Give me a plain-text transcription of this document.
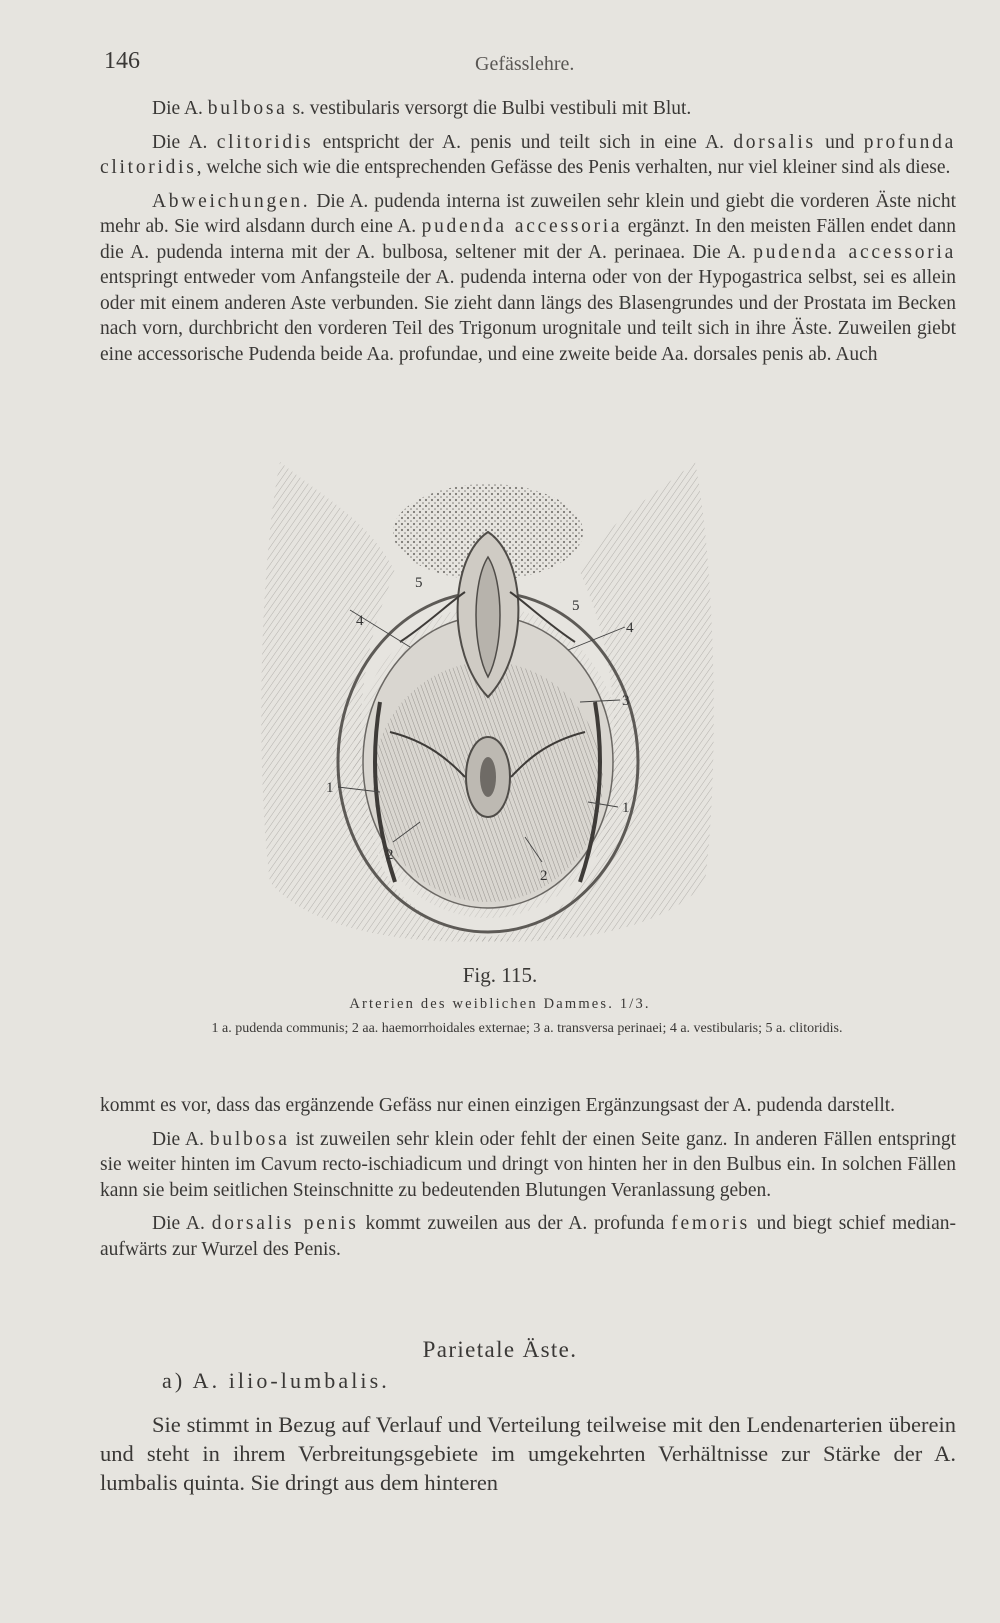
146	Gefässlehre.

Die A. bulbosa s. vestibularis versorgt die Bulbi vestibuli mit Blut.

Die A. clitoridis entspricht der A. penis und teilt sich in eine A. dorsalis und profunda clitoridis, welche sich wie die entsprechenden Gefässe des Penis verhalten, nur viel kleiner sind als diese.

Abweichungen. Die A. pudenda interna ist zuweilen sehr klein und giebt die vorderen Äste nicht mehr ab. Sie wird alsdann durch eine A. pudenda accessoria ergänzt. In den meisten Fällen endet dann die A. pudenda interna mit der A. bulbosa, seltener mit der A. perinaea. Die A. pudenda accessoria entspringt entweder vom Anfangsteile der A. pudenda interna oder von der Hypogastrica selbst, sei es allein oder mit einem anderen Aste verbunden. Sie zieht dann längs des Blasengrundes und der Prostata im Becken nach vorn, durchbricht den vorderen Teil des Trigonum urognitale und teilt sich in ihre Äste. Zuweilen giebt eine accessorische Pudenda beide Aa. profundae, und eine zweite beide Aa. dorsales penis ab. Auch

5
4
5
4
3
1
1
2
2
Fig. 115.
Arterien des weiblichen Dammes. 1/3.
1 a. pudenda communis; 2 aa. haemorrhoidales externae; 3 a. transversa perinaei; 4 a. vestibularis; 5 a. clitoridis.

kommt es vor, dass das ergänzende Gefäss nur einen einzigen Ergänzungsast der A. pudenda darstellt.

Die A. bulbosa ist zuweilen sehr klein oder fehlt der einen Seite ganz. In anderen Fällen entspringt sie weiter hinten im Cavum recto-ischiadicum und dringt von hinten her in den Bulbus ein. In solchen Fällen kann sie beim seitlichen Steinschnitte zu bedeutenden Blutungen Veranlassung geben.

Die A. dorsalis penis kommt zuweilen aus der A. profunda femoris und biegt schief median-aufwärts zur Wurzel des Penis.

Parietale Äste.
a) A. ilio-lumbalis.

Sie stimmt in Bezug auf Verlauf und Verteilung teilweise mit den Lendenarterien überein und steht in ihrem Verbreitungsgebiete im umgekehrten Verhältnisse zur Stärke der A. lumbalis quinta. Sie dringt aus dem hinteren
